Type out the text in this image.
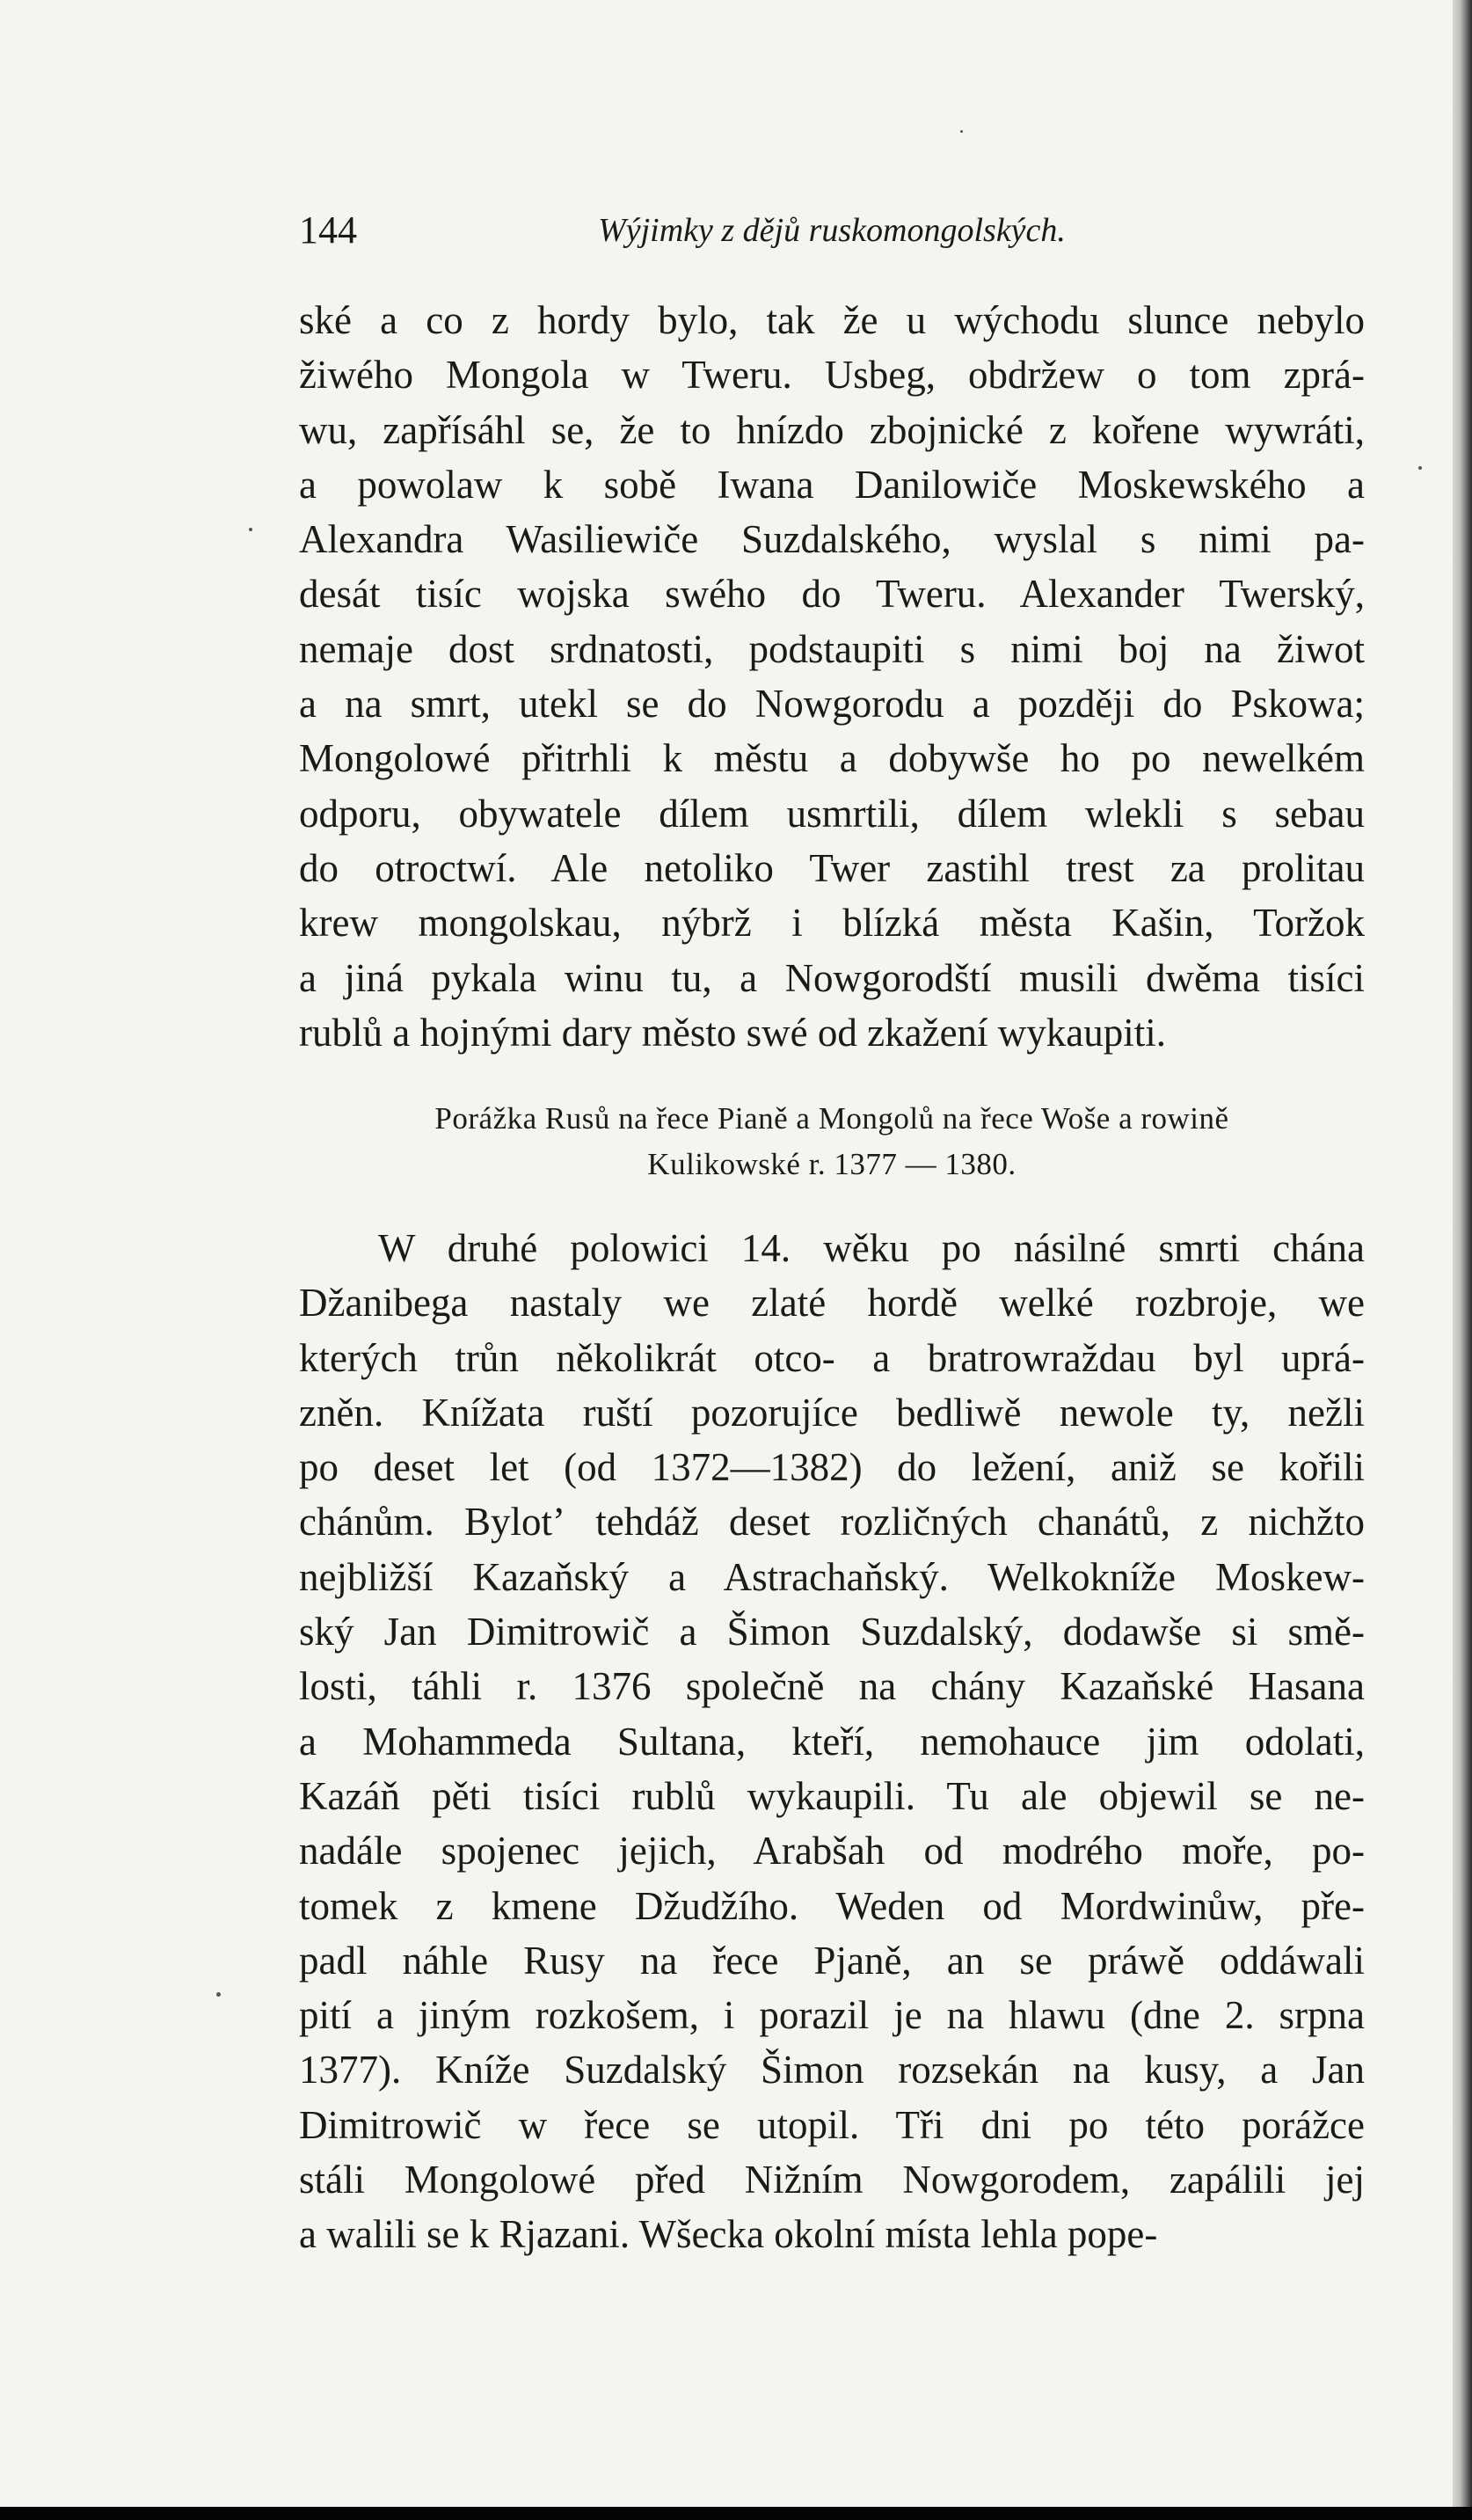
144	Wýjimky z dějů ruskomongolských.
ské a co z hordy bylo, tak že u wýchodu slunce nebylo
žiwého Mongola w Tweru. Usbeg, obdržew o tom zprá-
wu, zapřísáhl se, že to hnízdo zbojnické z kořene wywráti,
a powolaw k sobě Iwana Danilowiče Moskewského a
Alexandra Wasiliewiče Suzdalského, wyslal s nimi pa-
desát tisíc wojska swého do Tweru. Alexander Twerský,
nemaje dost srdnatosti, podstaupiti s nimi boj na žiwot
a na smrt, utekl se do Nowgorodu a později do Pskowa;
Mongolowé přitrhli k městu a dobywše ho po newelkém
odporu, obywatele dílem usmrtili, dílem wlekli s sebau
do otroctwí. Ale netoliko Twer zastihl trest za prolitau
krew mongolskau, nýbrž i blízká města Kašin, Toržok
a jiná pykala winu tu, a Nowgorodští musili dwěma tisíci
rublů a hojnými dary město swé od zkažení wykaupiti.
Porážka Rusů na řece Pianě a Mongolů na řece Woše a rowině
Kulikowské r. 1377 — 1380.
W druhé polowici 14. wěku po násilné smrti chána
Džanibega nastaly we zlaté hordě welké rozbroje, we
kterých trůn několikrát otco- a bratrowraždau byl uprá-
zněn. Knížata ruští pozorujíce bedliwě newole ty, nežli
po deset let (od 1372—1382) do ležení, aniž se kořili
chánům. Bylotʼ tehdáž deset rozličných chanátů, z nichžto
nejbližší Kazaňský a Astrachaňský. Welkokníže Moskew-
ský Jan Dimitrowič a Šimon Suzdalský, dodawše si smě-
losti, táhli r. 1376 společně na chány Kazaňské Hasana
a Mohammeda Sultana, kteří, nemohauce jim odolati,
Kazáň pěti tisíci rublů wykaupili. Tu ale objewil se ne-
nadále spojenec jejich, Arabšah od modrého moře, po-
tomek z kmene Džudžího. Weden od Mordwinůw, pře-
padl náhle Rusy na řece Pjaně, an se práwě oddáwali
pití a jiným rozkošem, i porazil je na hlawu (dne 2. srpna
1377). Kníže Suzdalský Šimon rozsekán na kusy, a Jan
Dimitrowič w řece se utopil. Tři dni po této porážce
stáli Mongolowé před Nižním Nowgorodem, zapálili jej
a walili se k Rjazani. Wšecka okolní místa lehla pope-
